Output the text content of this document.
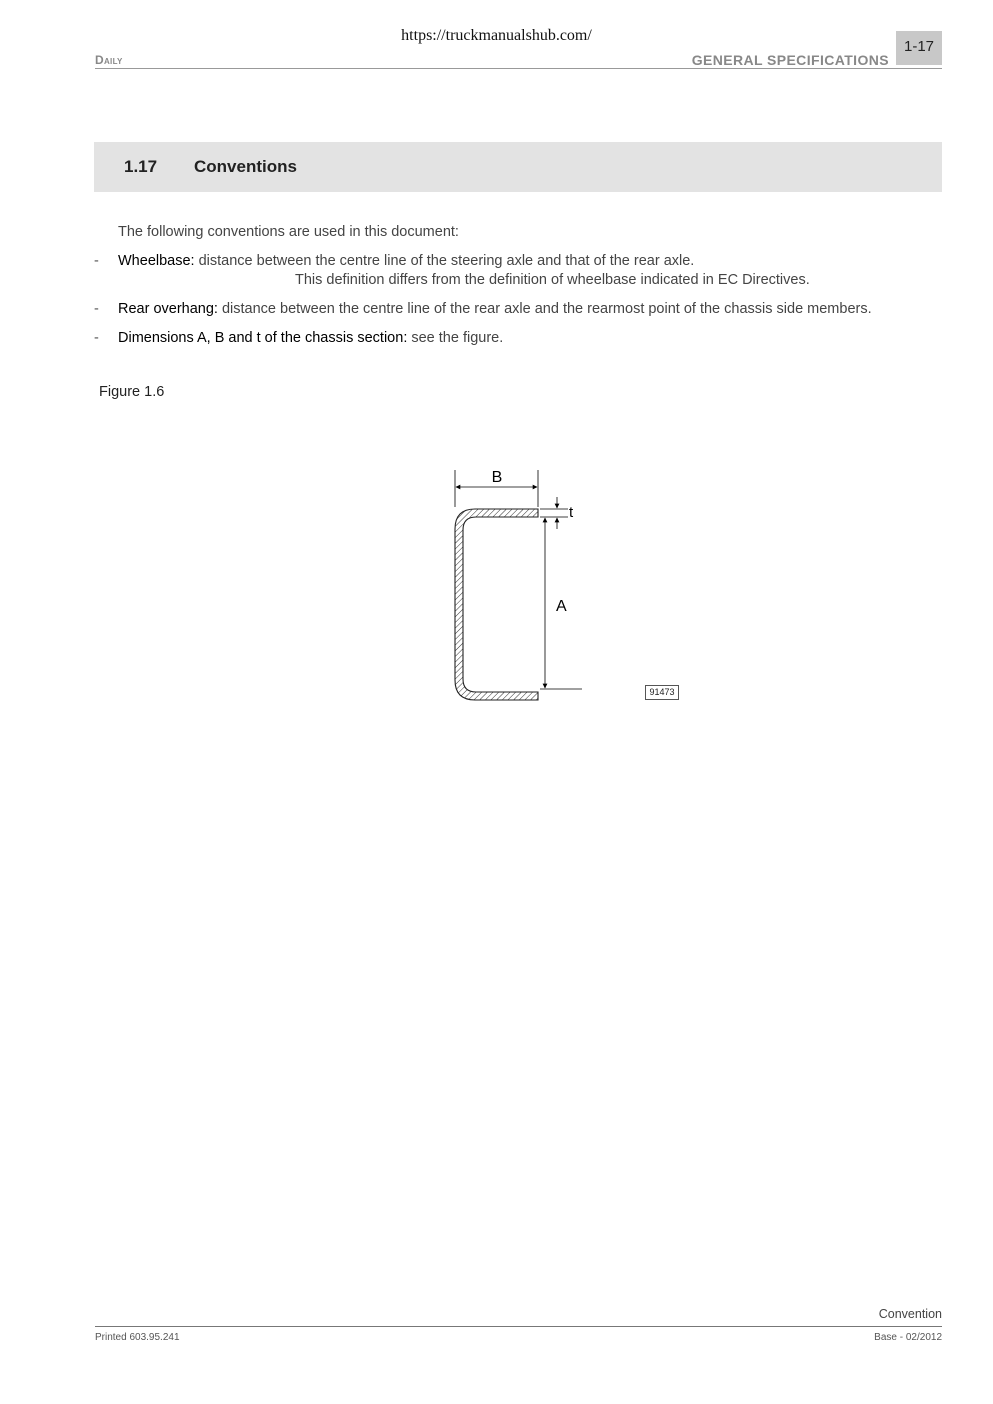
https://truckmanualshub.com/
Daily	GENERAL SPECIFICATIONS
1-17
1.17 Conventions
The following conventions are used in this document:
- Wheelbase: distance between the centre line of the steering axle and that of the rear axle.
This definition differs from the definition of wheelbase indicated in EC Directives.
- Rear overhang: distance between the centre line of the rear axle and the rearmost point of the chassis side members.
- Dimensions A, B and t of the chassis section: see the figure.
Figure 1.6
B
t
A
91473
Convention
Printed 603.95.241	Base - 02/2012
